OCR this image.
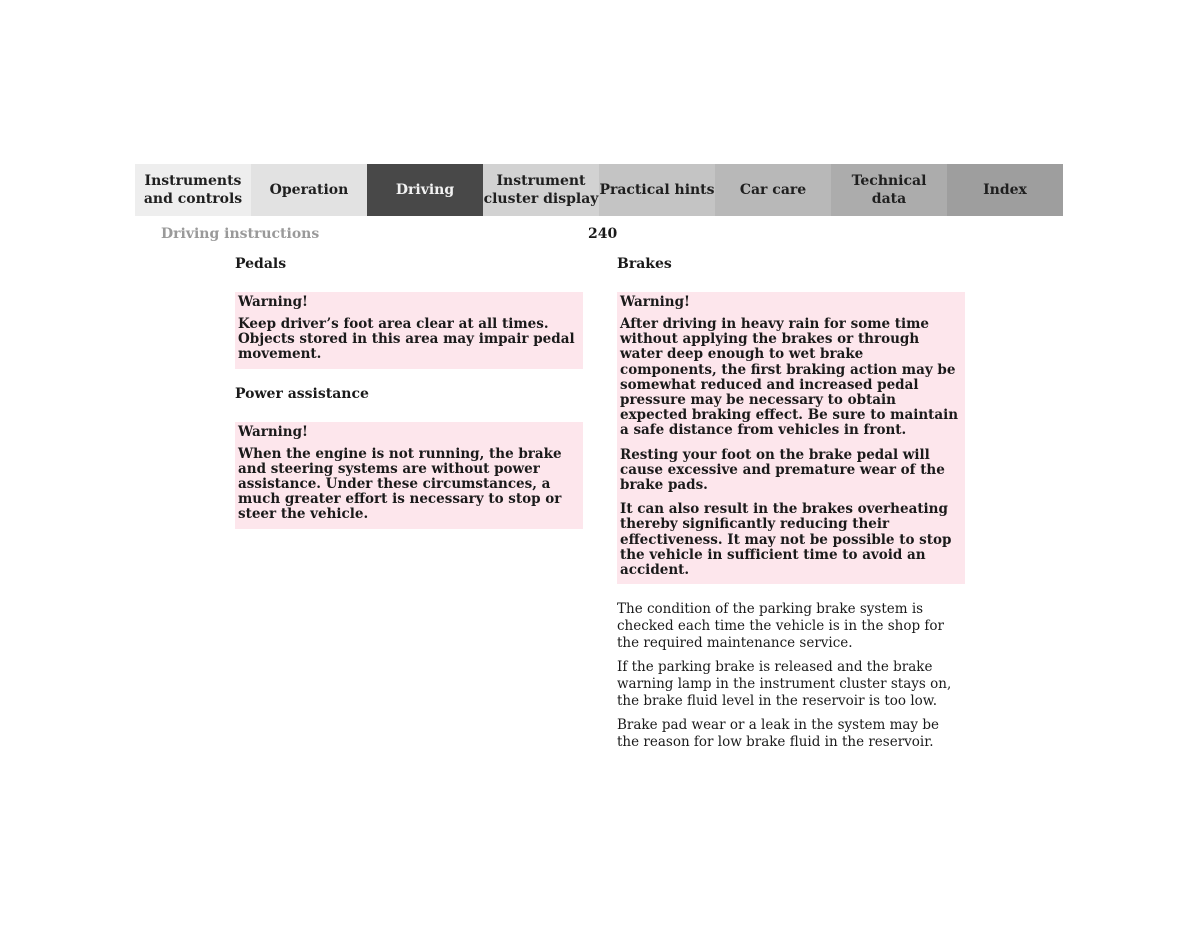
Instruments
and controls
Operation	Driving
Instrument
cluster display
Practical hints	Car care
Technical
data
Index
Driving instructions	240
Pedals
Warning!
Keep driver’s foot area clear at all times. Objects stored in this area may impair pedal movement.
Power assistance
Warning!
When the engine is not running, the brake and steering systems are without power assistance. Under these circumstances, a much greater effort is necessary to stop or steer the vehicle.
Brakes
Warning!
After driving in heavy rain for some time without applying the brakes or through water deep enough to wet brake components, the first braking action may be somewhat reduced and increased pedal pressure may be necessary to obtain expected braking effect. Be sure to maintain a safe distance from vehicles in front.
Resting your foot on the brake pedal will cause excessive and premature wear of the brake pads.
It can also result in the brakes overheating thereby significantly reducing their effectiveness. It may not be possible to stop the vehicle in sufficient time to avoid an accident.

The condition of the parking brake system is checked each time the vehicle is in the shop for the required maintenance service.

If the parking brake is released and the brake warning lamp in the instrument cluster stays on, the brake fluid level in the reservoir is too low.

Brake pad wear or a leak in the system may be the reason for low brake fluid in the reservoir.
